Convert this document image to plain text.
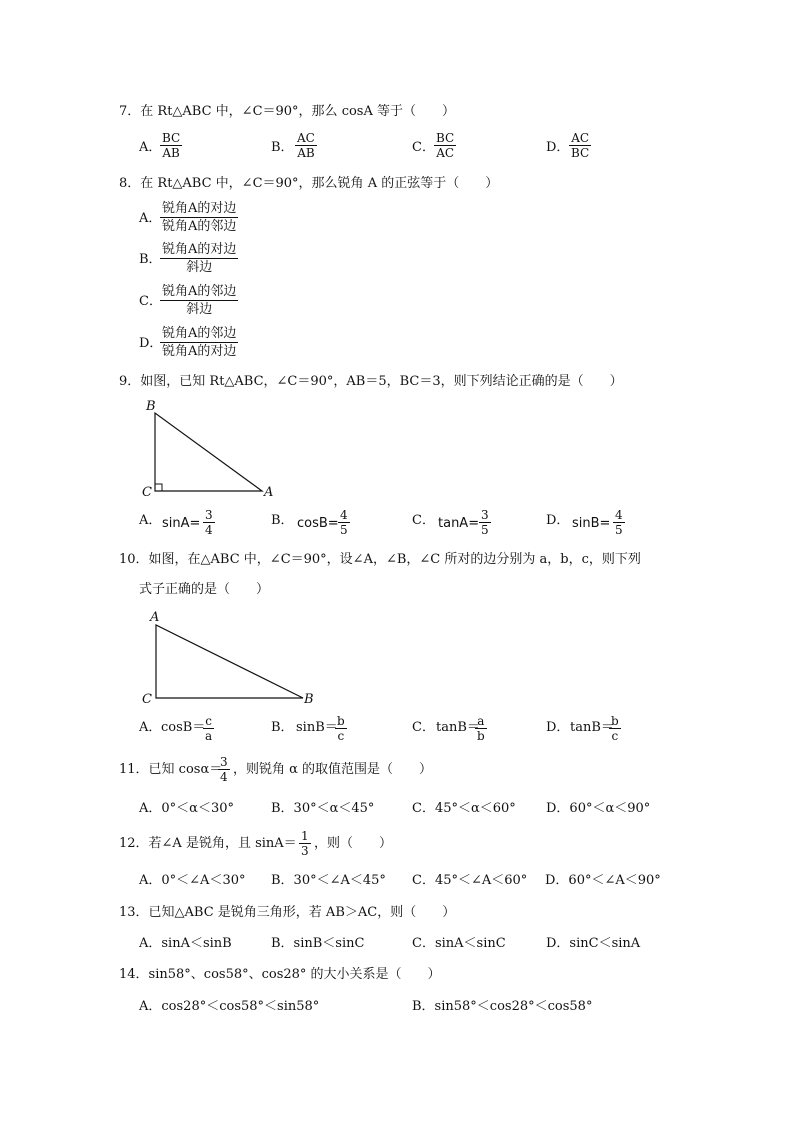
7．在 Rt△ABC 中，∠C＝90°，那么 cosA 等于（　　）
A．
$\frac{BC}{AB}$	B． $\frac{AC}{AB}$	C． $\frac{BC}{AC}$	D． $\frac{AC}{BC}$
8．在 Rt△ABC 中，∠C＝90°，那么锐角 A 的正弦等于（　　）
A．
锐角A的对边
锐角A的邻边
B．
锐角A的对边
斜边
C．
锐角A的邻边
斜边
D．
锐角A的邻边
锐角A的对边
9．如图，已知 Rt△ABC，∠C＝90°，AB＝5，BC＝3，则下列结论正确的是（　　）
B
C	A
A． $\sin A= \frac{3}{4}$	B． $\cos B= \frac{4}{5}$	C． $\tan A= \frac{3}{5}$	D． $\sin B= \frac{4}{5}$
10．如图，在△ABC 中，∠C＝90°，设∠A，∠B，∠C 所对的边分别为 a，b，c，则下列
式子正确的是（　　）
A
C	B
A． cosB＝
$\frac{c}{a}$	B． sinB＝
$\frac{b}{c}$	C． tanB＝
$\frac{a}{b}$	D． tanB＝
$\frac{b}{c}$
11．已知 cosα＝
$\frac{3}{4}$ ，则锐角 α 的取值范围是（　　）
A．0°＜α＜30°	B．30°＜α＜45°	C．45°＜α＜60° D．60°＜α＜90°
12．若∠A 是锐角，且 $\sin A= \frac{1}{3}$ ，则（　　）
A．0°＜∠A＜30° B．30°＜∠A＜45° C．45°＜∠A＜60° D．60°＜∠A＜90°
13．已知△ABC 是锐角三角形，若 AB＞AC，则（　　）
A．sinA＜sinB	B．sinB＜sinC	C．sinA＜sinC	D．sinC＜sinA
14．sin58°、cos58°、cos28° 的大小关系是（　　）
A．cos28°＜cos58°＜sin58°	B．sin58°＜cos28°＜cos58°
